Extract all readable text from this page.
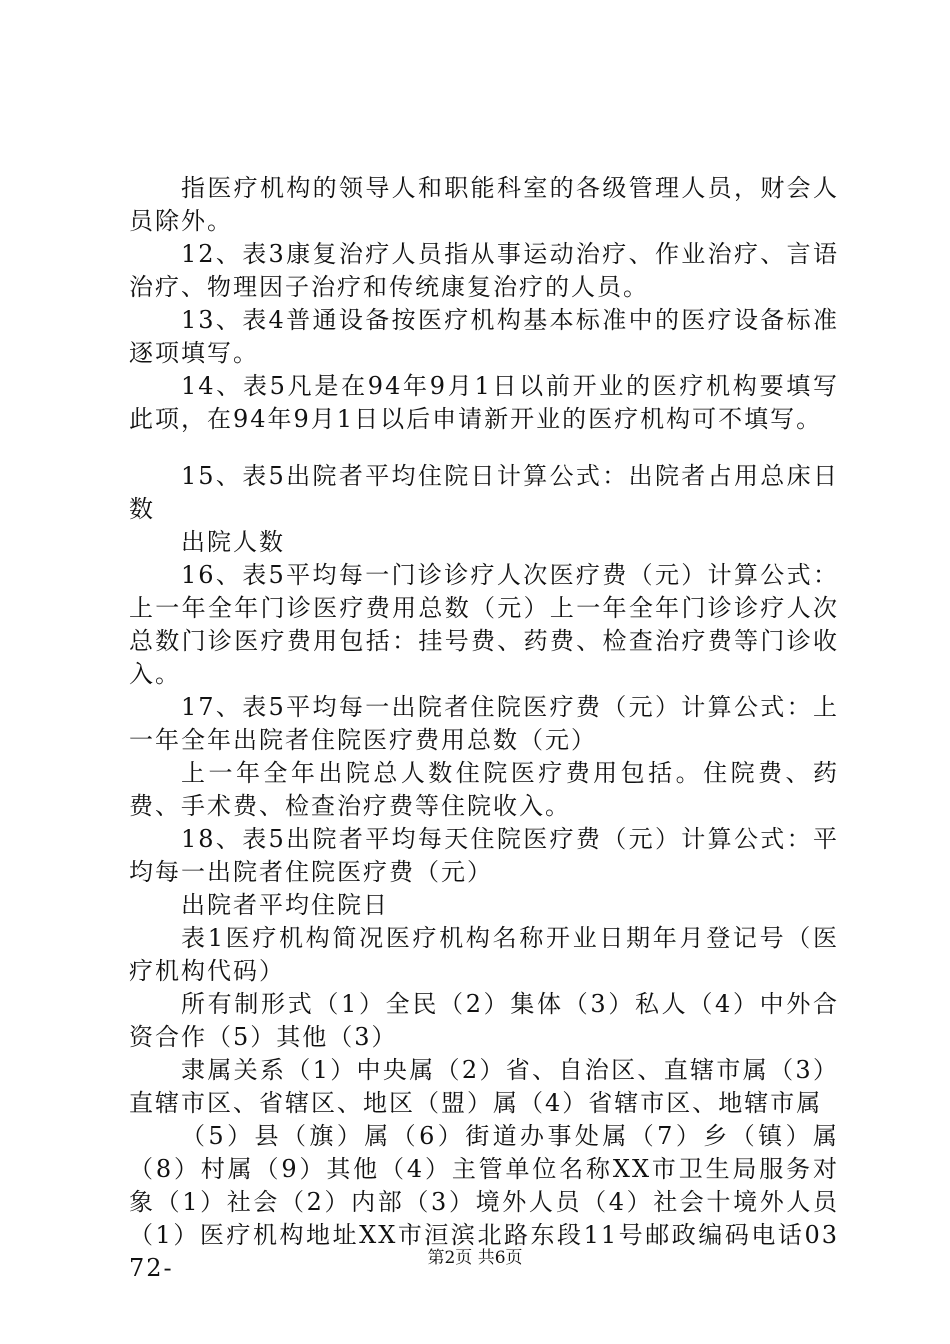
指医疗机构的领导人和职能科室的各级管理人员，财会人员除外。

12、表3康复治疗人员指从事运动治疗、作业治疗、言语治疗、物理因子治疗和传统康复治疗的人员。

13、表4普通设备按医疗机构基本标准中的医疗设备标准逐项填写。

14、表5凡是在94年9月1日以前开业的医疗机构要填写此项，在94年9月1日以后申请新开业的医疗机构可不填写。

15、表5出院者平均住院日计算公式：出院者占用总床日数

出院人数

16、表5平均每一门诊诊疗人次医疗费（元）计算公式：上一年全年门诊医疗费用总数（元）上一年全年门诊诊疗人次总数门诊医疗费用包括：挂号费、药费、检查治疗费等门诊收入。

17、表5平均每一出院者住院医疗费（元）计算公式：上一年全年出院者住院医疗费用总数（元）

上一年全年出院总人数住院医疗费用包括。住院费、药费、手术费、检查治疗费等住院收入。

18、表5出院者平均每天住院医疗费（元）计算公式：平均每一出院者住院医疗费（元）

出院者平均住院日

表1医疗机构简况医疗机构名称开业日期年月登记号（医疗机构代码）

所有制形式（1）全民（2）集体（3）私人（4）中外合资合作（5）其他（3）

隶属关系（1）中央属（2）省、自治区、直辖市属（3）直辖市区、省辖区、地区（盟）属（4）省辖市区、地辖市属

（5）县（旗）属（6）街道办事处属（7）乡（镇）属（8）村属（9）其他（4）主管单位名称XX市卫生局服务对象（1）社会（2）内部（3）境外人员（4）社会十境外人员（1）医疗机构地址XX市洹滨北路东段11号邮政编码电话0372-	第2页 共6页
